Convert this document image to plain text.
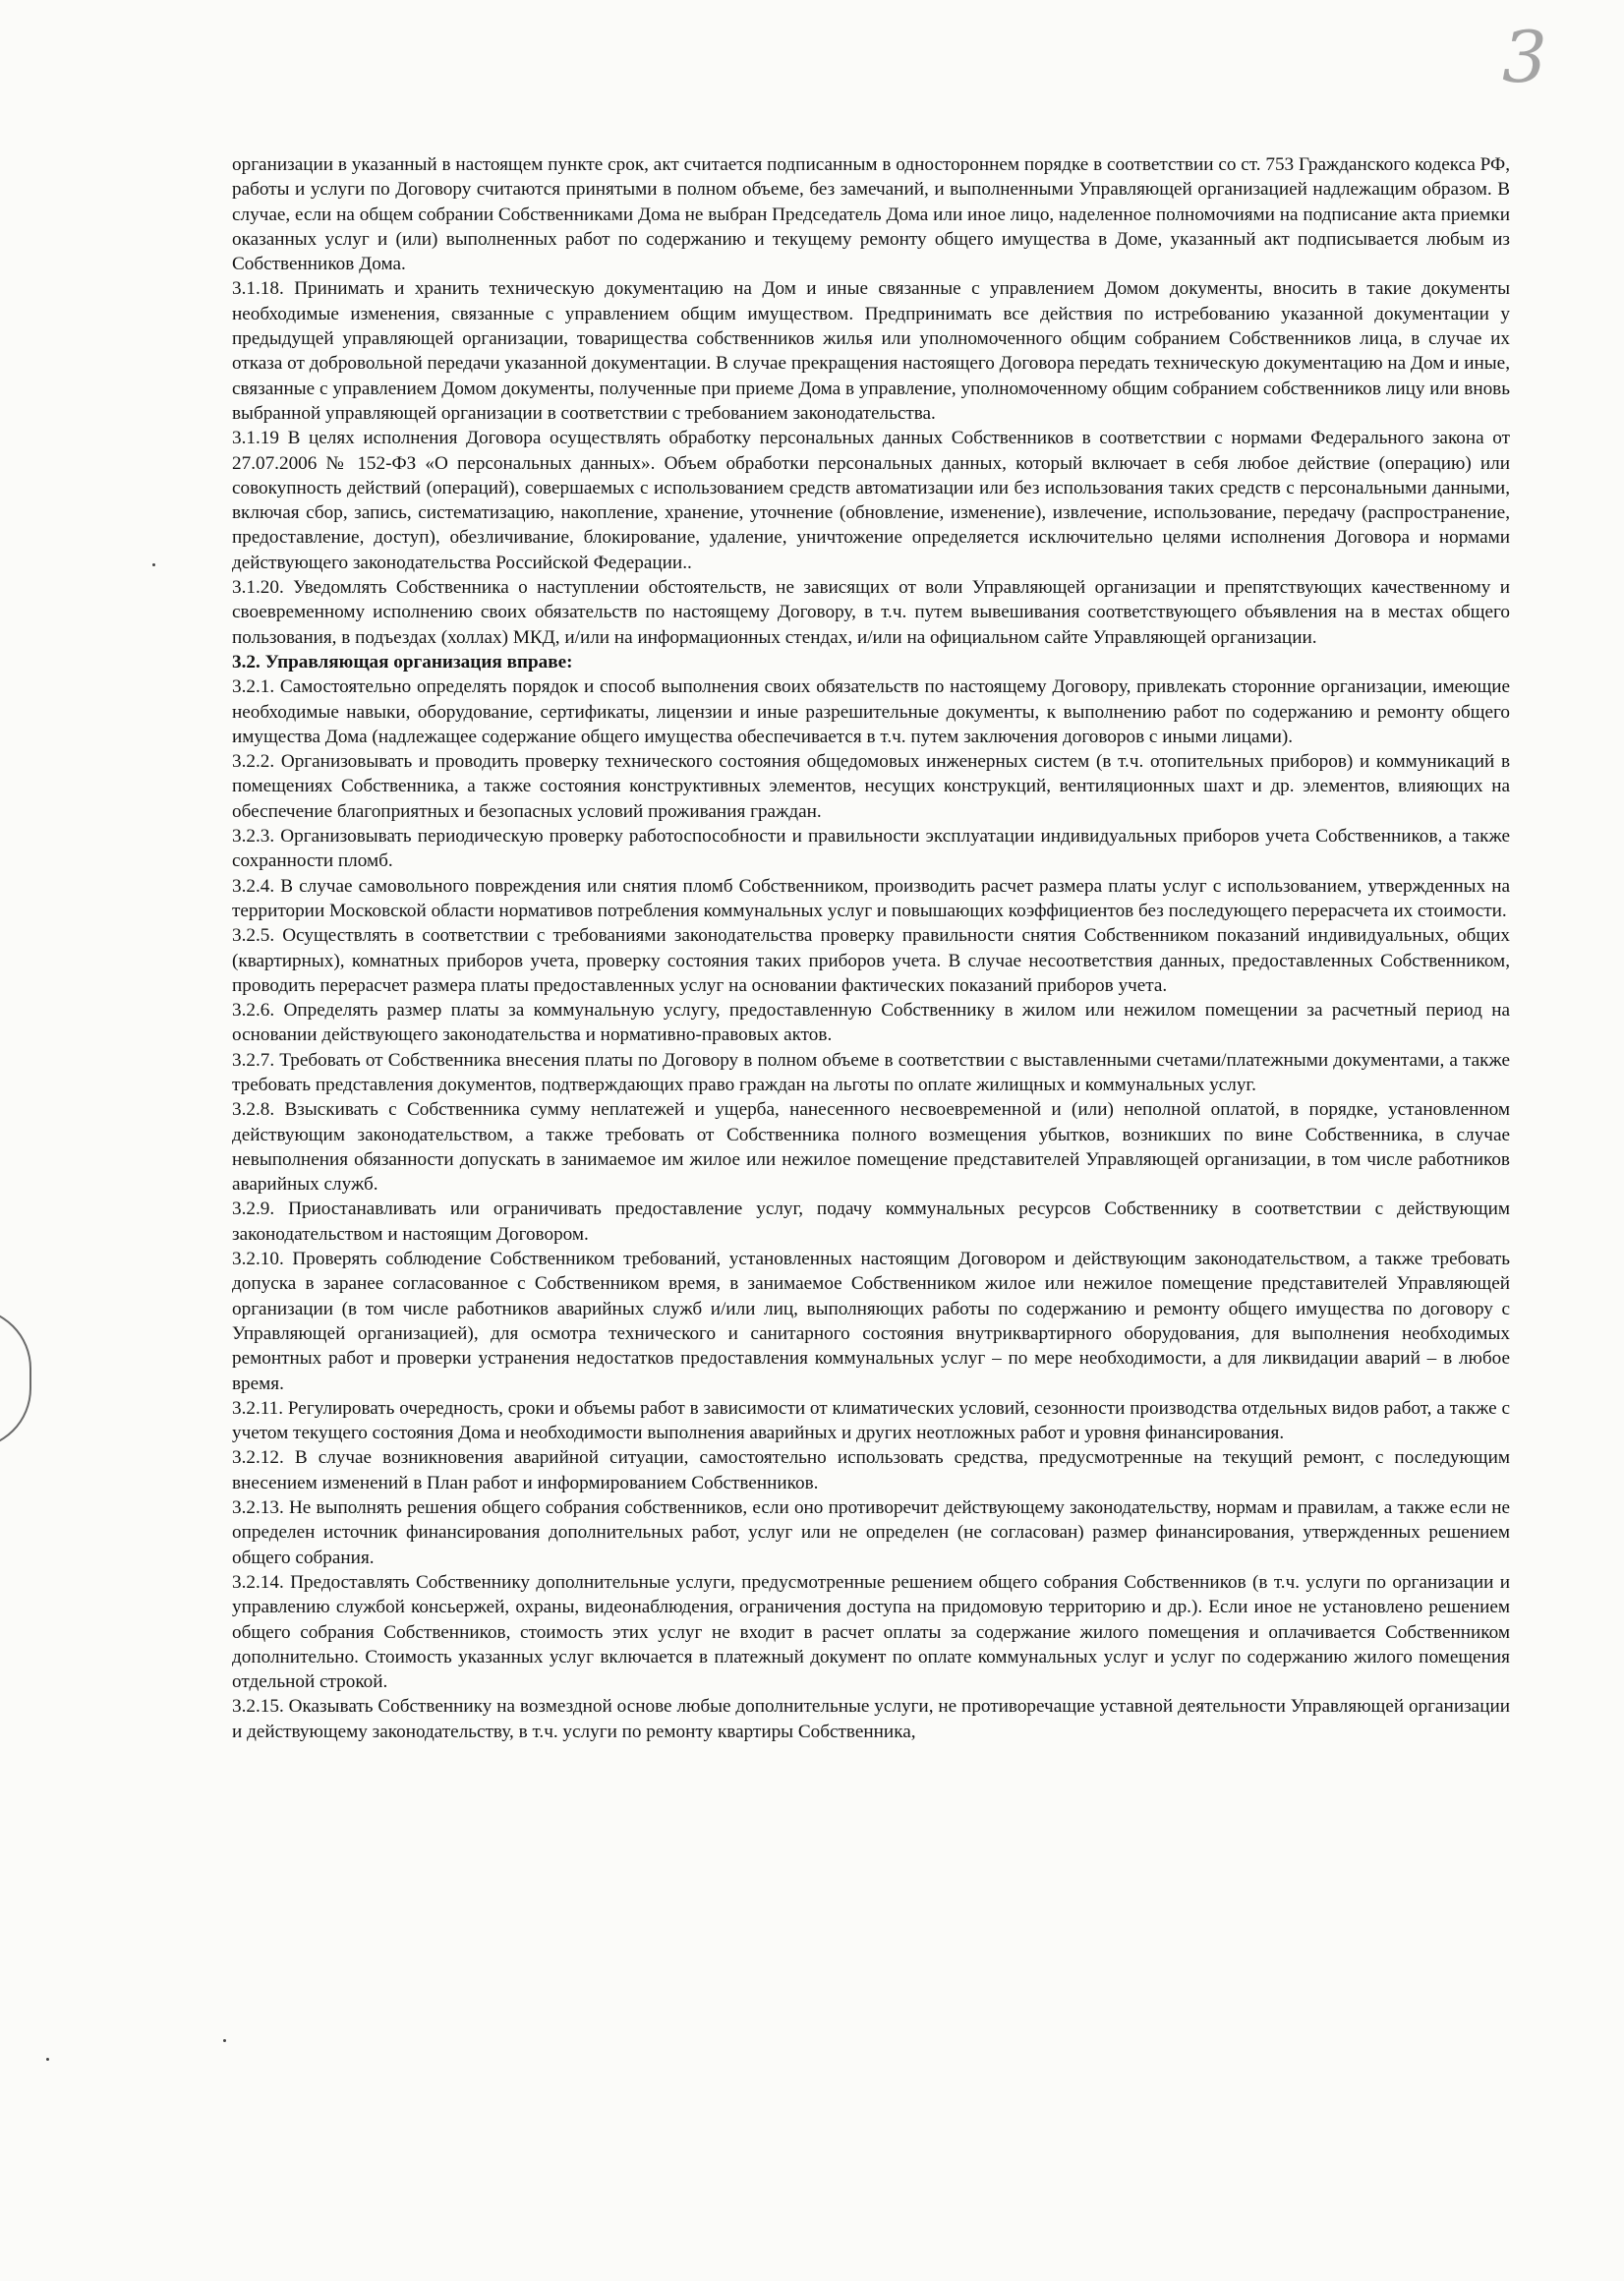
3

организации в указанный в настоящем пункте срок, акт считается подписанным в одностороннем порядке в соответствии со ст. 753 Гражданского кодекса РФ, работы и услуги по Договору считаются принятыми в полном объеме, без замечаний, и выполненными Управляющей организацией надлежащим образом. В случае, если на общем собрании Собственниками Дома не выбран Председатель Дома или иное лицо, наделенное полномочиями на подписание акта приемки оказанных услуг и (или) выполненных работ по содержанию и текущему ремонту общего имущества в Доме, указанный акт подписывается любым из Собственников Дома.

3.1.18. Принимать и хранить техническую документацию на Дом и иные связанные с управлением Домом документы, вносить в такие документы необходимые изменения, связанные с управлением общим имуществом. Предпринимать все действия по истребованию указанной документации у предыдущей управляющей организации, товарищества собственников жилья или уполномоченного общим собранием Собственников лица, в случае их отказа от добровольной передачи указанной документации. В случае прекращения настоящего Договора передать техническую документацию на Дом и иные, связанные с управлением Домом документы, полученные при приеме Дома в управление, уполномоченному общим собранием собственников лицу или вновь выбранной управляющей организации в соответствии с требованием законодательства.

3.1.19 В целях исполнения Договора осуществлять обработку персональных данных Собственников в соответствии с нормами Федерального закона от 27.07.2006 № 152-ФЗ «О персональных данных». Объем обработки персональных данных, который включает в себя любое действие (операцию) или совокупность действий (операций), совершаемых с использованием средств автоматизации или без использования таких средств с персональными данными, включая сбор, запись, систематизацию, накопление, хранение, уточнение (обновление, изменение), извлечение, использование, передачу (распространение, предоставление, доступ), обезличивание, блокирование, удаление, уничтожение определяется исключительно целями исполнения Договора и нормами действующего законодательства Российской Федерации..

3.1.20. Уведомлять Собственника о наступлении обстоятельств, не зависящих от воли Управляющей организации и препятствующих качественному и своевременному исполнению своих обязательств по настоящему Договору, в т.ч. путем вывешивания соответствующего объявления на в местах общего пользования, в подъездах (холлах) МКД, и/или на информационных стендах, и/или на официальном сайте Управляющей организации.

3.2. Управляющая организация вправе:

3.2.1. Самостоятельно определять порядок и способ выполнения своих обязательств по настоящему Договору, привлекать сторонние организации, имеющие необходимые навыки, оборудование, сертификаты, лицензии и иные разрешительные документы, к выполнению работ по содержанию и ремонту общего имущества Дома (надлежащее содержание общего имущества обеспечивается в т.ч. путем заключения договоров с иными лицами).

3.2.2. Организовывать и проводить проверку технического состояния общедомовых инженерных систем (в т.ч. отопительных приборов) и коммуникаций в помещениях Собственника, а также состояния конструктивных элементов, несущих конструкций, вентиляционных шахт и др. элементов, влияющих на обеспечение благоприятных и безопасных условий проживания граждан.

3.2.3. Организовывать периодическую проверку работоспособности и правильности эксплуатации индивидуальных приборов учета Собственников, а также сохранности пломб.

3.2.4. В случае самовольного повреждения или снятия пломб Собственником, производить расчет размера платы услуг с использованием, утвержденных на территории Московской области нормативов потребления коммунальных услуг и повышающих коэффициентов без последующего перерасчета их стоимости.

3.2.5. Осуществлять в соответствии с требованиями законодательства проверку правильности снятия Собственником показаний индивидуальных, общих (квартирных), комнатных приборов учета, проверку состояния таких приборов учета. В случае несоответствия данных, предоставленных Собственником, проводить перерасчет размера платы предоставленных услуг на основании фактических показаний приборов учета.

3.2.6. Определять размер платы за коммунальную услугу, предоставленную Собственнику в жилом или нежилом помещении за расчетный период на основании действующего законодательства и нормативно-правовых актов.

3.2.7. Требовать от Собственника внесения платы по Договору в полном объеме в соответствии с выставленными счетами/платежными документами, а также требовать представления документов, подтверждающих право граждан на льготы по оплате жилищных и коммунальных услуг.

3.2.8. Взыскивать с Собственника сумму неплатежей и ущерба, нанесенного несвоевременной и (или) неполной оплатой, в порядке, установленном действующим законодательством, а также требовать от Собственника полного возмещения убытков, возникших по вине Собственника, в случае невыполнения обязанности допускать в занимаемое им жилое или нежилое помещение представителей Управляющей организации, в том числе работников аварийных служб.

3.2.9. Приостанавливать или ограничивать предоставление услуг, подачу коммунальных ресурсов Собственнику в соответствии с действующим законодательством и настоящим Договором.

3.2.10. Проверять соблюдение Собственником требований, установленных настоящим Договором и действующим законодательством, а также требовать допуска в заранее согласованное с Собственником время, в занимаемое Собственником жилое или нежилое помещение представителей Управляющей организации (в том числе работников аварийных служб и/или лиц, выполняющих работы по содержанию и ремонту общего имущества по договору с Управляющей организацией), для осмотра технического и санитарного состояния внутриквартирного оборудования, для выполнения необходимых ремонтных работ и проверки устранения недостатков предоставления коммунальных услуг – по мере необходимости, а для ликвидации аварий – в любое время.

3.2.11. Регулировать очередность, сроки и объемы работ в зависимости от климатических условий, сезонности производства отдельных видов работ, а также с учетом текущего состояния Дома и необходимости выполнения аварийных и других неотложных работ и уровня финансирования.

3.2.12. В случае возникновения аварийной ситуации, самостоятельно использовать средства, предусмотренные на текущий ремонт, с последующим внесением изменений в План работ и информированием Собственников.

3.2.13. Не выполнять решения общего собрания собственников, если оно противоречит действующему законодательству, нормам и правилам, а также если не определен источник финансирования дополнительных работ, услуг или не определен (не согласован) размер финансирования, утвержденных решением общего собрания.

3.2.14. Предоставлять Собственнику дополнительные услуги, предусмотренные решением общего собрания Собственников (в т.ч. услуги по организации и управлению службой консьержей, охраны, видеонаблюдения, ограничения доступа на придомовую территорию и др.). Если иное не установлено решением общего собрания Собственников, стоимость этих услуг не входит в расчет оплаты за содержание жилого помещения и оплачивается Собственником дополнительно. Стоимость указанных услуг включается в платежный документ по оплате коммунальных услуг и услуг по содержанию жилого помещения отдельной строкой.

3.2.15. Оказывать Собственнику на возмездной основе любые дополнительные услуги, не противоречащие уставной деятельности Управляющей организации и действующему законодательству, в т.ч. услуги по ремонту квартиры Собственника,
